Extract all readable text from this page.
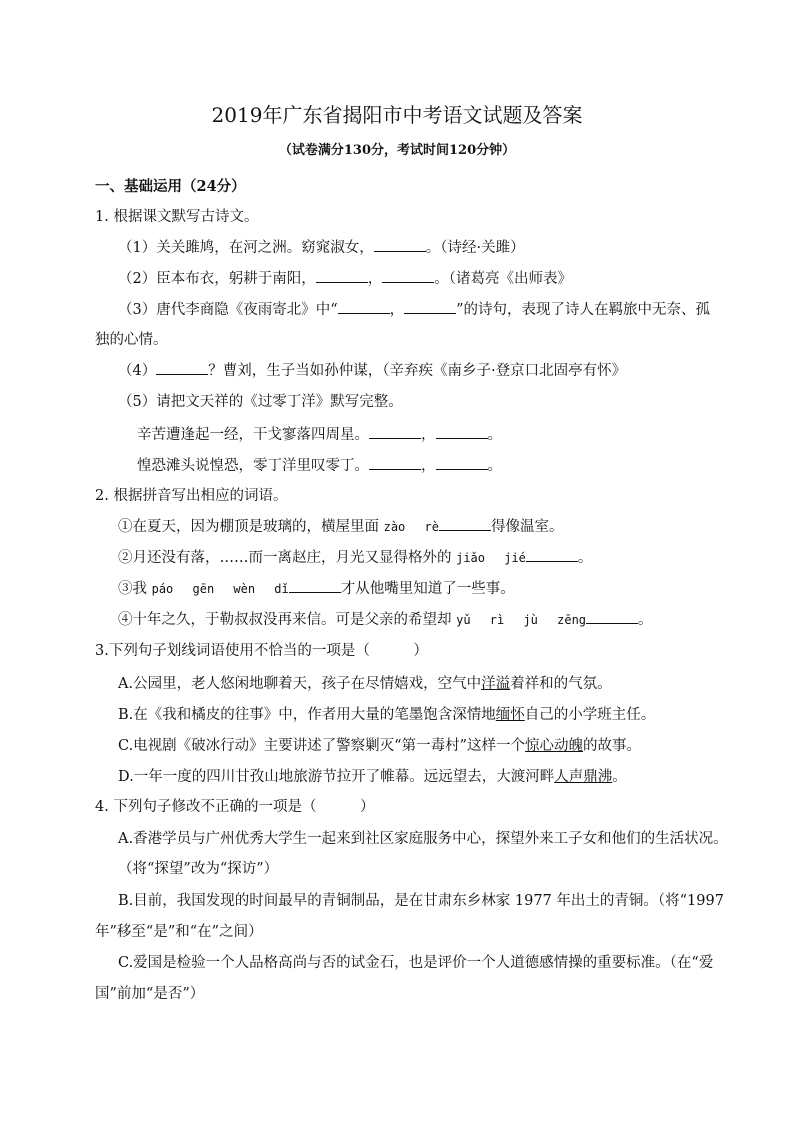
2019年广东省揭阳市中考语文试题及答案
（试卷满分130分，考试时间120分钟）
一、基础运用（24分）
1. 根据课文默写古诗文。
（1）关关雎鸠，在河之洲。窈窕淑女，	。（诗经·关雎）
（2）臣本布衣，躬耕于南阳，	，	。（诸葛亮《出师表》
（3）唐代李商隐《夜雨寄北》中“	，	”的诗句，表现了诗人在羁旅中无奈、孤
独的心情。
（4）	？曹刘，生子当如孙仲谋，（辛弃疾《南乡子·登京口北固亭有怀》
（5）请把文天祥的《过零丁洋》默写完整。
辛苦遭逢起一经，干戈寥落四周星。	，	。
惶恐滩头说惶恐，零丁洋里叹零丁。	，	。
2. 根据拼音写出相应的词语。
①在夏天，因为棚顶是玻璃的，横屋里面 zào　 rè	得像温室。
②月还没有落，……而一离赵庄，月光又显得格外的 jiǎo　 jié	。
③我 páo　 gēn　 wèn　 dǐ	才从他嘴里知道了一些事。
④十年之久，于勒叔叔没再来信。可是父亲的希望却 yǔ　 rì　 jù　 zēng	。
3.下列句子划线词语使用不恰当的一项是（　　　）
A.公园里，老人悠闲地聊着天，孩子在尽情嬉戏，空气中洋溢着祥和的气氛。
B.在《我和橘皮的往事》中，作者用大量的笔墨饱含深情地缅怀自己的小学班主任。
C.电视剧《破冰行动》主要讲述了警察剿灭“第一毒村”这样一个惊心动魄的故事。
D.一年一度的四川甘孜山地旅游节拉开了帷幕。远远望去，大渡河畔人声鼎沸。
4. 下列句子修改不正确的一项是（　　　）
A.香港学员与广州优秀大学生一起来到社区家庭服务中心，探望外来工子女和他们的生活状况。
（将“探望”改为“探访”）
B.目前，我国发现的时间最早的青铜制品，是在甘肃东乡林家 1977 年出土的青铜。（将“1997
年”移至“是”和“在”之间）
C.爱国是检验一个人品格高尚与否的试金石，也是评价一个人道德感情操的重要标准。（在“爱
国”前加“是否”）
